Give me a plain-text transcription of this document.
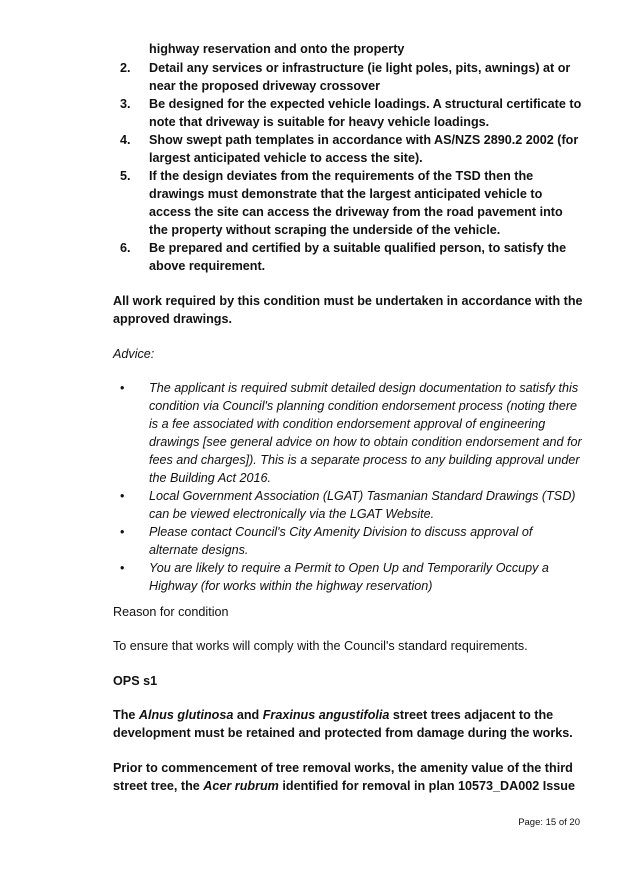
highway reservation and onto the property
2. Detail any services or infrastructure (ie light poles, pits, awnings) at or
near the proposed driveway crossover
3. Be designed for the expected vehicle loadings. A structural certificate to
note that driveway is suitable for heavy vehicle loadings.
4. Show swept path templates in accordance with AS/NZS 2890.2 2002 (for
largest anticipated vehicle to access the site).
5. If the design deviates from the requirements of the TSD then the
drawings must demonstrate that the largest anticipated vehicle to
access the site can access the driveway from the road pavement into
the property without scraping the underside of the vehicle.
6. Be prepared and certified by a suitable qualified person, to satisfy the
above requirement.
All work required by this condition must be undertaken in accordance with the
approved drawings.
Advice:
• The applicant is required submit detailed design documentation to satisfy this
condition via Council's planning condition endorsement process (noting there
is a fee associated with condition endorsement approval of engineering
drawings [see general advice on how to obtain condition endorsement and for
fees and charges]). This is a separate process to any building approval under
the Building Act 2016.
• Local Government Association (LGAT) Tasmanian Standard Drawings (TSD)
can be viewed electronically via the LGAT Website.
• Please contact Council's City Amenity Division to discuss approval of
alternate designs.
• You are likely to require a Permit to Open Up and Temporarily Occupy a
Highway (for works within the highway reservation)
Reason for condition
To ensure that works will comply with the Council's standard requirements.
OPS s1
The Alnus glutinosa and Fraxinus angustifolia street trees adjacent to the
development must be retained and protected from damage during the works.
Prior to commencement of tree removal works, the amenity value of the third
street tree, the Acer rubrum identified for removal in plan 10573_DA002 Issue
Page: 15 of 20
